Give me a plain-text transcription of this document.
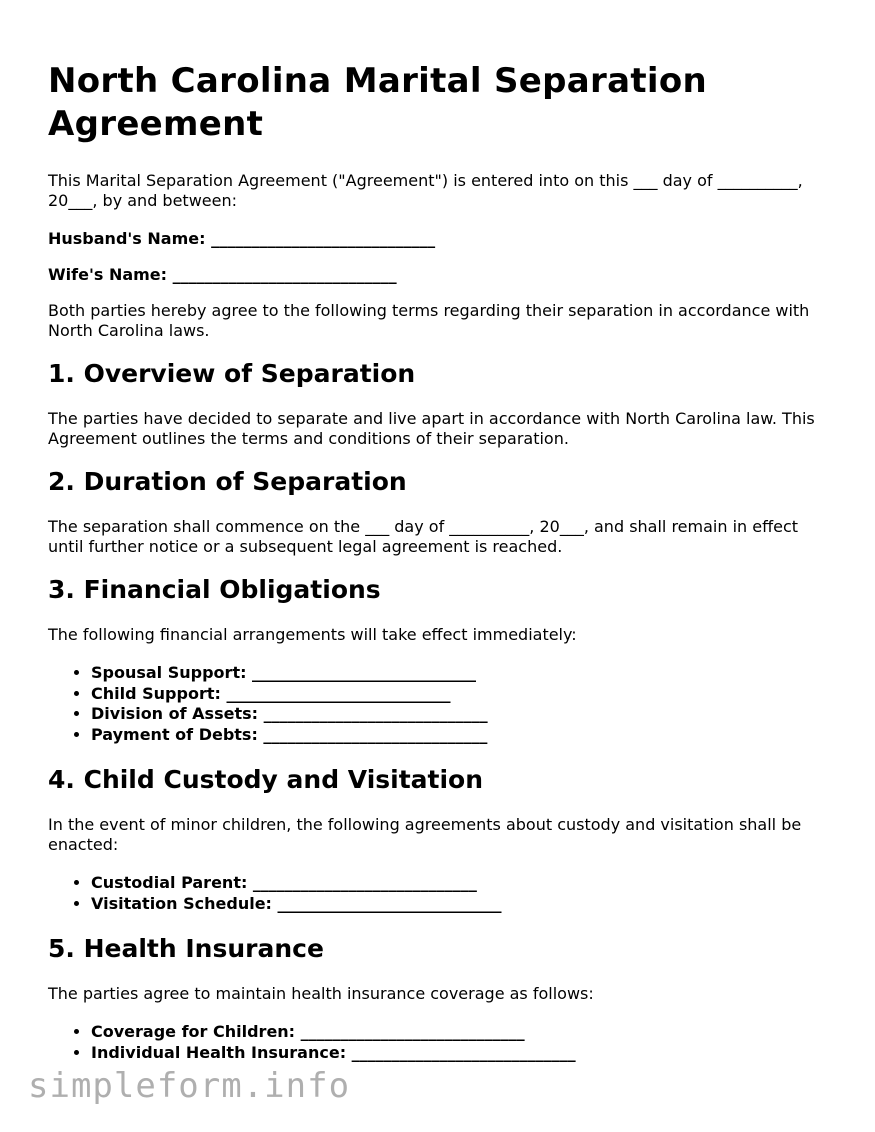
North Carolina Marital Separation Agreement

This Marital Separation Agreement ("Agreement") is entered into on this ___ day of __________, 20___, by and between:

Husband's Name: ____________________________

Wife's Name: ____________________________

Both parties hereby agree to the following terms regarding their separation in accordance with North Carolina laws.

1. Overview of Separation

The parties have decided to separate and live apart in accordance with North Carolina law. This Agreement outlines the terms and conditions of their separation.

2. Duration of Separation

The separation shall commence on the ___ day of __________, 20___, and shall remain in effect until further notice or a subsequent legal agreement is reached.

3. Financial Obligations

The following financial arrangements will take effect immediately:

• Spousal Support: ____________________________
• Child Support: ____________________________
• Division of Assets: ____________________________
• Payment of Debts: ____________________________
4. Child Custody and Visitation

In the event of minor children, the following agreements about custody and visitation shall be enacted:

• Custodial Parent: ____________________________
• Visitation Schedule: ____________________________
5. Health Insurance

The parties agree to maintain health insurance coverage as follows:

• Coverage for Children: ____________________________
• Individual Health Insurance: ____________________________
simpleform.info
